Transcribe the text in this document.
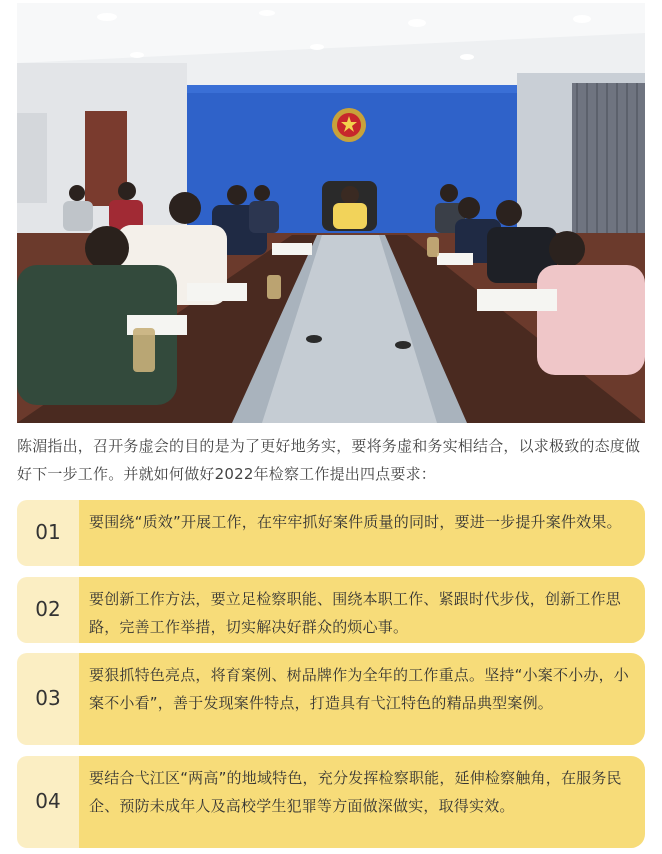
陈湄指出，召开务虚会的目的是为了更好地务实，要将务虚和务实相结合，以求极致的态度做好下一步工作。并就如何做好2022年检察工作提出四点要求：
01 要围绕“质效”开展工作，在牢牢抓好案件质量的同时，要进一步提升案件效果。
02 要创新工作方法，要立足检察职能、围绕本职工作、紧跟时代步伐，创新工作思路，完善工作举措，切实解决好群众的烦心事。
03
要狠抓特色亮点，将育案例、树品牌作为全年的工作重点。坚持“小案不小办，小案不小看”，善于发现案件特点，打造具有弋江特色的精品典型案例。
04
要结合弋江区“两高”的地域特色，充分发挥检察职能，延伸检察触角，在服务民企、预防未成年人及高校学生犯罪等方面做深做实，取得实效。
